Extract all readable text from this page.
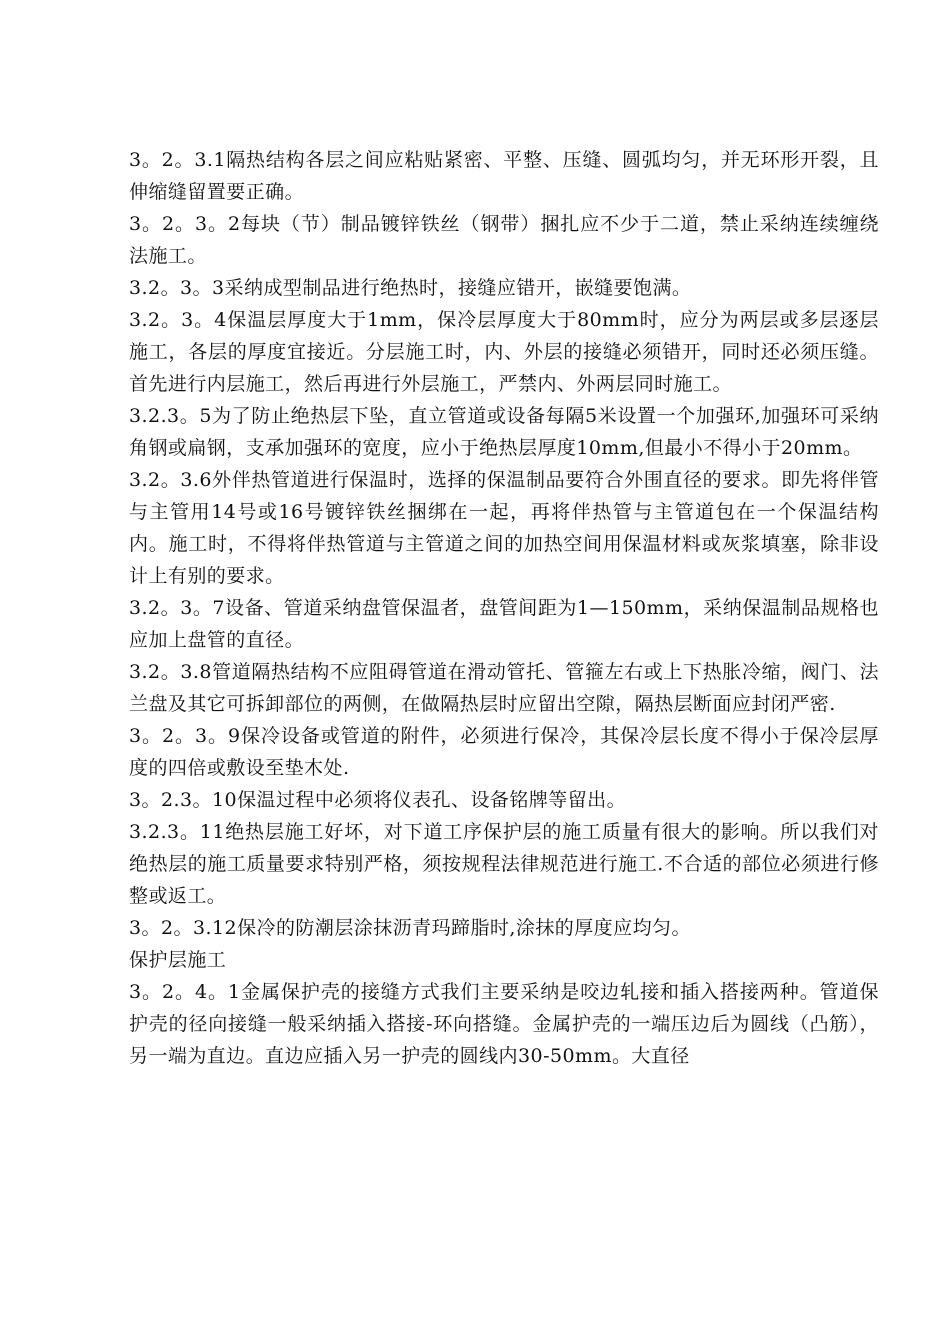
3。2。3.1隔热结构各层之间应粘贴紧密、平整、压缝、圆弧均匀，并无环形开裂，且伸缩缝留置要正确。

3。2。3。2每块（节）制品镀锌铁丝（钢带）捆扎应不少于二道，禁止采纳连续缠绕法施工。

3.2。3。3采纳成型制品进行绝热时，接缝应错开，嵌缝要饱满。

3.2。3。4保温层厚度大于1mm，保冷层厚度大于80mm时，应分为两层或多层逐层施工，各层的厚度宜接近。分层施工时，内、外层的接缝必须错开，同时还必须压缝。首先进行内层施工，然后再进行外层施工，严禁内、外两层同时施工。

3.2.3。5为了防止绝热层下坠，直立管道或设备每隔5米设置一个加强环,加强环可采纳角钢或扁钢，支承加强环的宽度，应小于绝热层厚度10mm,但最小不得小于20mm。

3.2。3.6外伴热管道进行保温时，选择的保温制品要符合外围直径的要求。即先将伴管与主管用14号或16号镀锌铁丝捆绑在一起，再将伴热管与主管道包在一个保温结构内。施工时，不得将伴热管道与主管道之间的加热空间用保温材料或灰浆填塞，除非设计上有别的要求。

3.2。3。7设备、管道采纳盘管保温者，盘管间距为1—150mm，采纳保温制品规格也应加上盘管的直径。

3.2。3.8管道隔热结构不应阻碍管道在滑动管托、管箍左右或上下热胀冷缩，阀门、法兰盘及其它可拆卸部位的两侧，在做隔热层时应留出空隙，隔热层断面应封闭严密.

3。2。3。9保冷设备或管道的附件，必须进行保冷，其保冷层长度不得小于保冷层厚度的四倍或敷设至垫木处.

3。2.3。10保温过程中必须将仪表孔、设备铭牌等留出。

3.2.3。11绝热层施工好坏，对下道工序保护层的施工质量有很大的影响。所以我们对绝热层的施工质量要求特别严格，须按规程法律规范进行施工.不合适的部位必须进行修整或返工。

3。2。3.12保冷的防潮层涂抹沥青玛蹄脂时,涂抹的厚度应均匀。

保护层施工

3。2。4。1金属保护壳的接缝方式我们主要采纳是咬边轧接和插入搭接两种。管道保护壳的径向接缝一般采纳插入搭接-环向搭缝。金属护壳的一端压边后为圆线（凸筋），另一端为直边。直边应插入另一护壳的圆线内30-50mm。大直径
